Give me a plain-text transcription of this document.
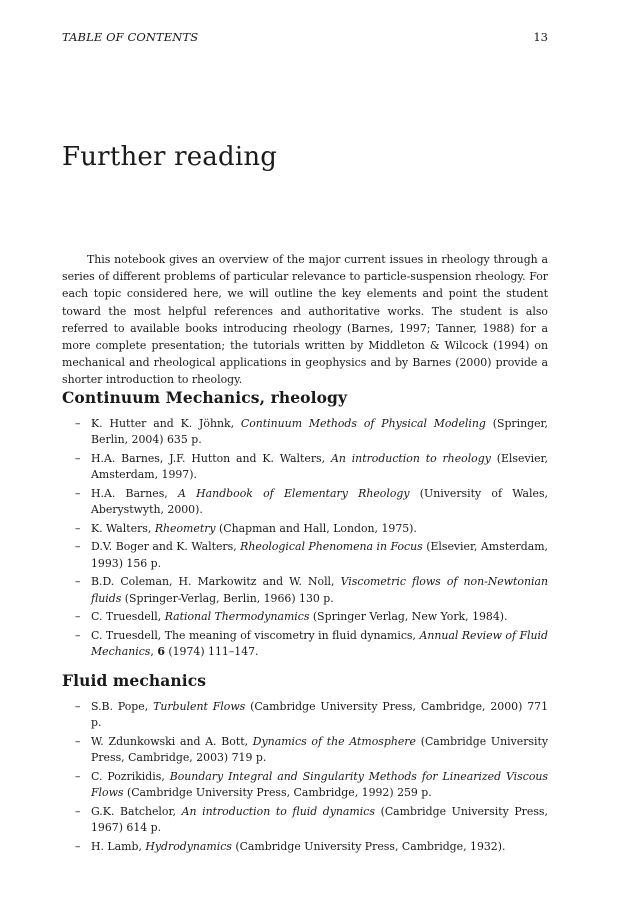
TABLE OF CONTENTS	13
Further reading

This notebook gives an overview of the major current issues in rheology through a series of different problems of particular relevance to particle-suspension rheology. For each topic considered here, we will outline the key elements and point the student toward the most helpful references and authoritative works. The student is also referred to available books introducing rheology (Barnes, 1997; Tanner, 1988) for a more complete presentation; the tutorials written by Middleton & Wilcock (1994) on mechanical and rheological applications in geophysics and by Barnes (2000) provide a shorter introduction to rheology.

Continuum Mechanics, rheology
– K. Hutter and K. Jöhnk, Continuum Methods of Physical Modeling (Springer, Berlin, 2004) 635 p.
– H.A. Barnes, J.F. Hutton and K. Walters, An introduction to rheology (Elsevier, Amsterdam, 1997).
– H.A. Barnes, A Handbook of Elementary Rheology (University of Wales, Aberystwyth, 2000).
– K. Walters, Rheometry (Chapman and Hall, London, 1975).
– D.V. Boger and K. Walters, Rheological Phenomena in Focus (Elsevier, Amsterdam, 1993) 156 p.
– B.D. Coleman, H. Markowitz and W. Noll, Viscometric flows of non-Newtonian fluids (Springer-Verlag, Berlin, 1966) 130 p.
– C. Truesdell, Rational Thermodynamics (Springer Verlag, New York, 1984).
– C. Truesdell, The meaning of viscometry in fluid dynamics, Annual Review of Fluid Mechanics, 6 (1974) 111–147.
Fluid mechanics
– S.B. Pope, Turbulent Flows (Cambridge University Press, Cambridge, 2000) 771 p.
– W. Zdunkowski and A. Bott, Dynamics of the Atmosphere (Cambridge University Press, Cambridge, 2003) 719 p.
– C. Pozrikidis, Boundary Integral and Singularity Methods for Linearized Viscous Flows (Cambridge University Press, Cambridge, 1992) 259 p.
– G.K. Batchelor, An introduction to fluid dynamics (Cambridge University Press, 1967) 614 p.
– H. Lamb, Hydrodynamics (Cambridge University Press, Cambridge, 1932).
